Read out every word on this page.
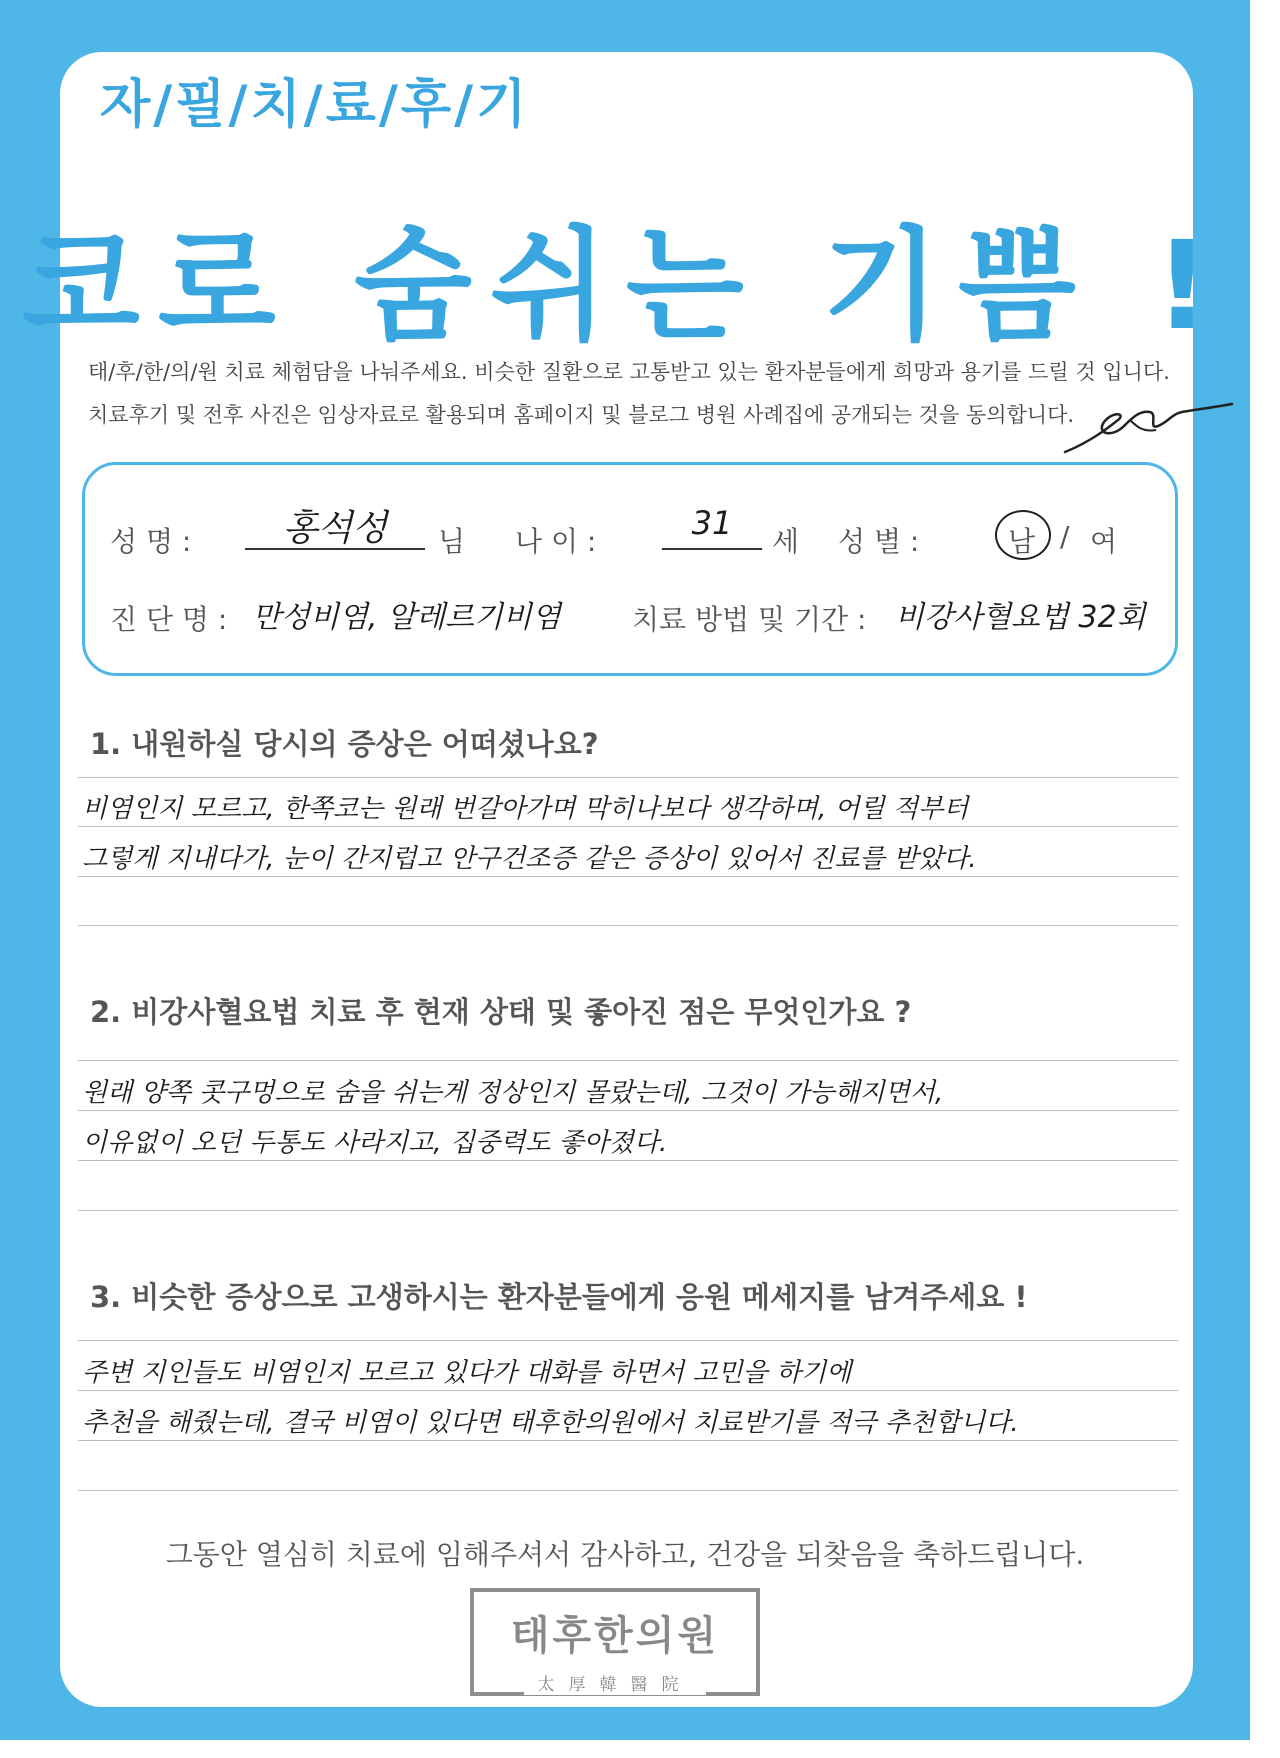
자/필/치/료/후/기
코로 숨쉬는 기쁨 !
태/후/한/의/원 치료 체험담을 나눠주세요. 비슷한 질환으로 고통받고 있는 환자분들에게 희망과 용기를 드릴 것 입니다.
치료후기 및 전후 사진은 임상자료로 활용되며 홈페이지 및 블로그 병원 사례집에 공개되는 것을 동의합니다.
성 명 :	홍석성	님 나 이 :	31	세 성 별 :	남 / 여
진 단 명 : 만성비염, 알레르기비염	치료 방법 및 기간 : 비강사혈요법 32회
1. 내원하실 당시의 증상은 어떠셨나요?
비염인지 모르고, 한쪽코는 원래 번갈아가며 막히나보다 생각하며, 어릴 적부터
그렇게 지내다가, 눈이 간지럽고 안구건조증 같은 증상이 있어서 진료를 받았다.
2. 비강사혈요법 치료 후 현재 상태 및 좋아진 점은 무엇인가요 ?
원래 양쪽 콧구멍으로 숨을 쉬는게 정상인지 몰랐는데, 그것이 가능해지면서,
이유없이 오던 두통도 사라지고, 집중력도 좋아졌다.
3. 비슷한 증상으로 고생하시는 환자분들에게 응원 메세지를 남겨주세요 !
주변 지인들도 비염인지 모르고 있다가 대화를 하면서 고민을 하기에
추천을 해줬는데, 결국 비염이 있다면 태후한의원에서 치료받기를 적극 추천합니다.
그동안 열심히 치료에 임해주셔서 감사하고, 건강을 되찾음을 축하드립니다.
태후한의원
太厚韓醫院
